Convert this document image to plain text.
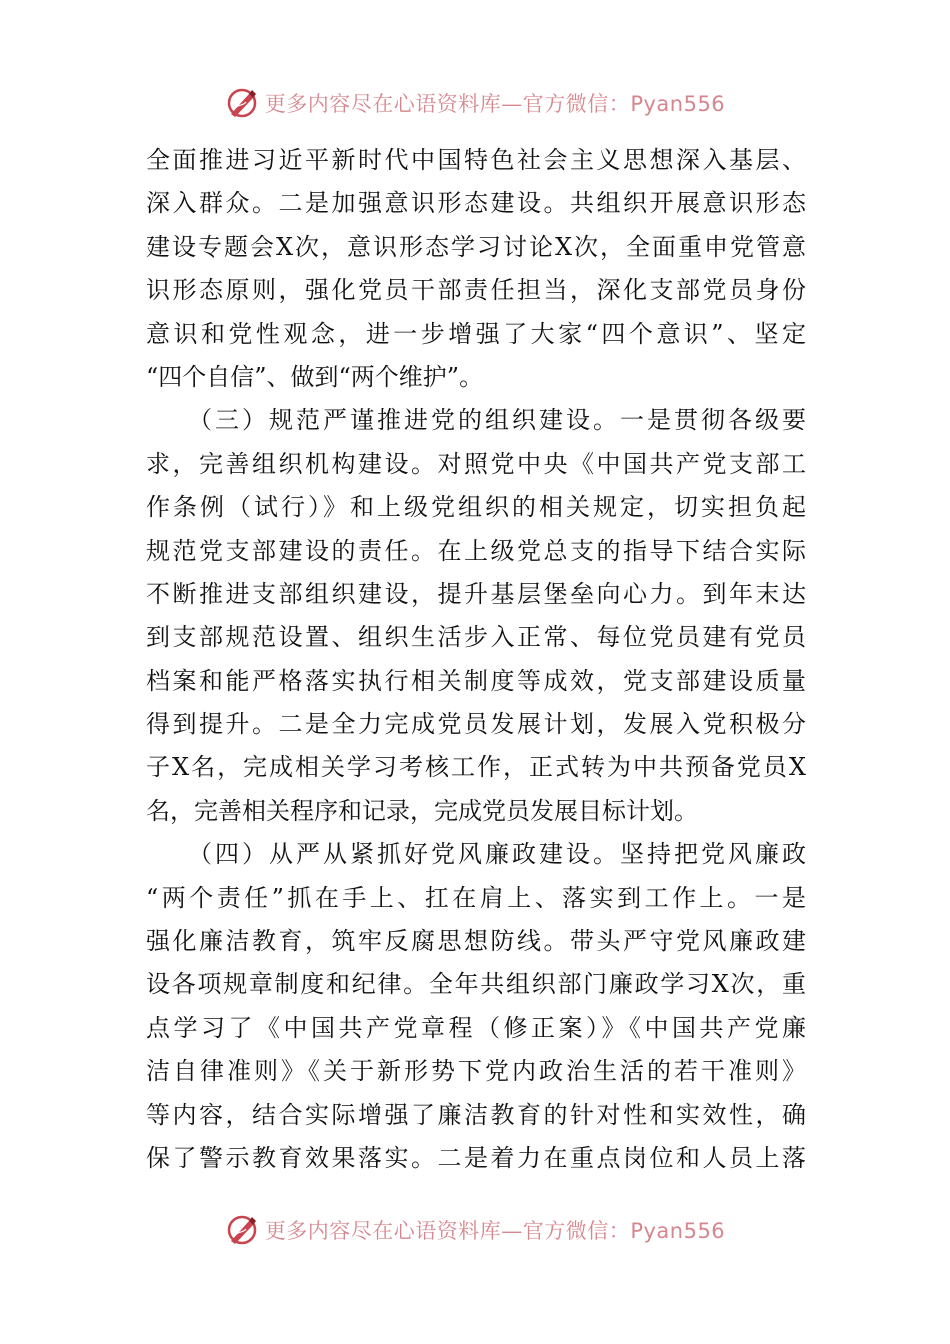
更多内容尽在心语资料库—官方微信：Pyan556
全面推进习近平新时代中国特色社会主义思想深入基层、
深入群众。二是加强意识形态建设。共组织开展意识形态
建设专题会X次，意识形态学习讨论X次，全面重申党管意
识形态原则，强化党员干部责任担当，深化支部党员身份
意识和党性观念，进一步增强了大家“四个意识”、坚定
“四个自信”、做到“两个维护”。
　　（三）规范严谨推进党的组织建设。一是贯彻各级要
求，完善组织机构建设。对照党中央《中国共产党支部工
作条例（试行）》和上级党组织的相关规定，切实担负起
规范党支部建设的责任。在上级党总支的指导下结合实际
不断推进支部组织建设，提升基层堡垒向心力。到年末达
到支部规范设置、组织生活步入正常、每位党员建有党员
档案和能严格落实执行相关制度等成效，党支部建设质量
得到提升。二是全力完成党员发展计划，发展入党积极分
子X名，完成相关学习考核工作，正式转为中共预备党员X
名，完善相关程序和记录，完成党员发展目标计划。
　　（四）从严从紧抓好党风廉政建设。坚持把党风廉政
“两个责任”抓在手上、扛在肩上、落实到工作上。一是
强化廉洁教育，筑牢反腐思想防线。带头严守党风廉政建
设各项规章制度和纪律。全年共组织部门廉政学习X次，重
点学习了《中国共产党章程（修正案）》《中国共产党廉
洁自律准则》《关于新形势下党内政治生活的若干准则》
等内容，结合实际增强了廉洁教育的针对性和实效性，确
保了警示教育效果落实。二是着力在重点岗位和人员上落
更多内容尽在心语资料库—官方微信：Pyan556
